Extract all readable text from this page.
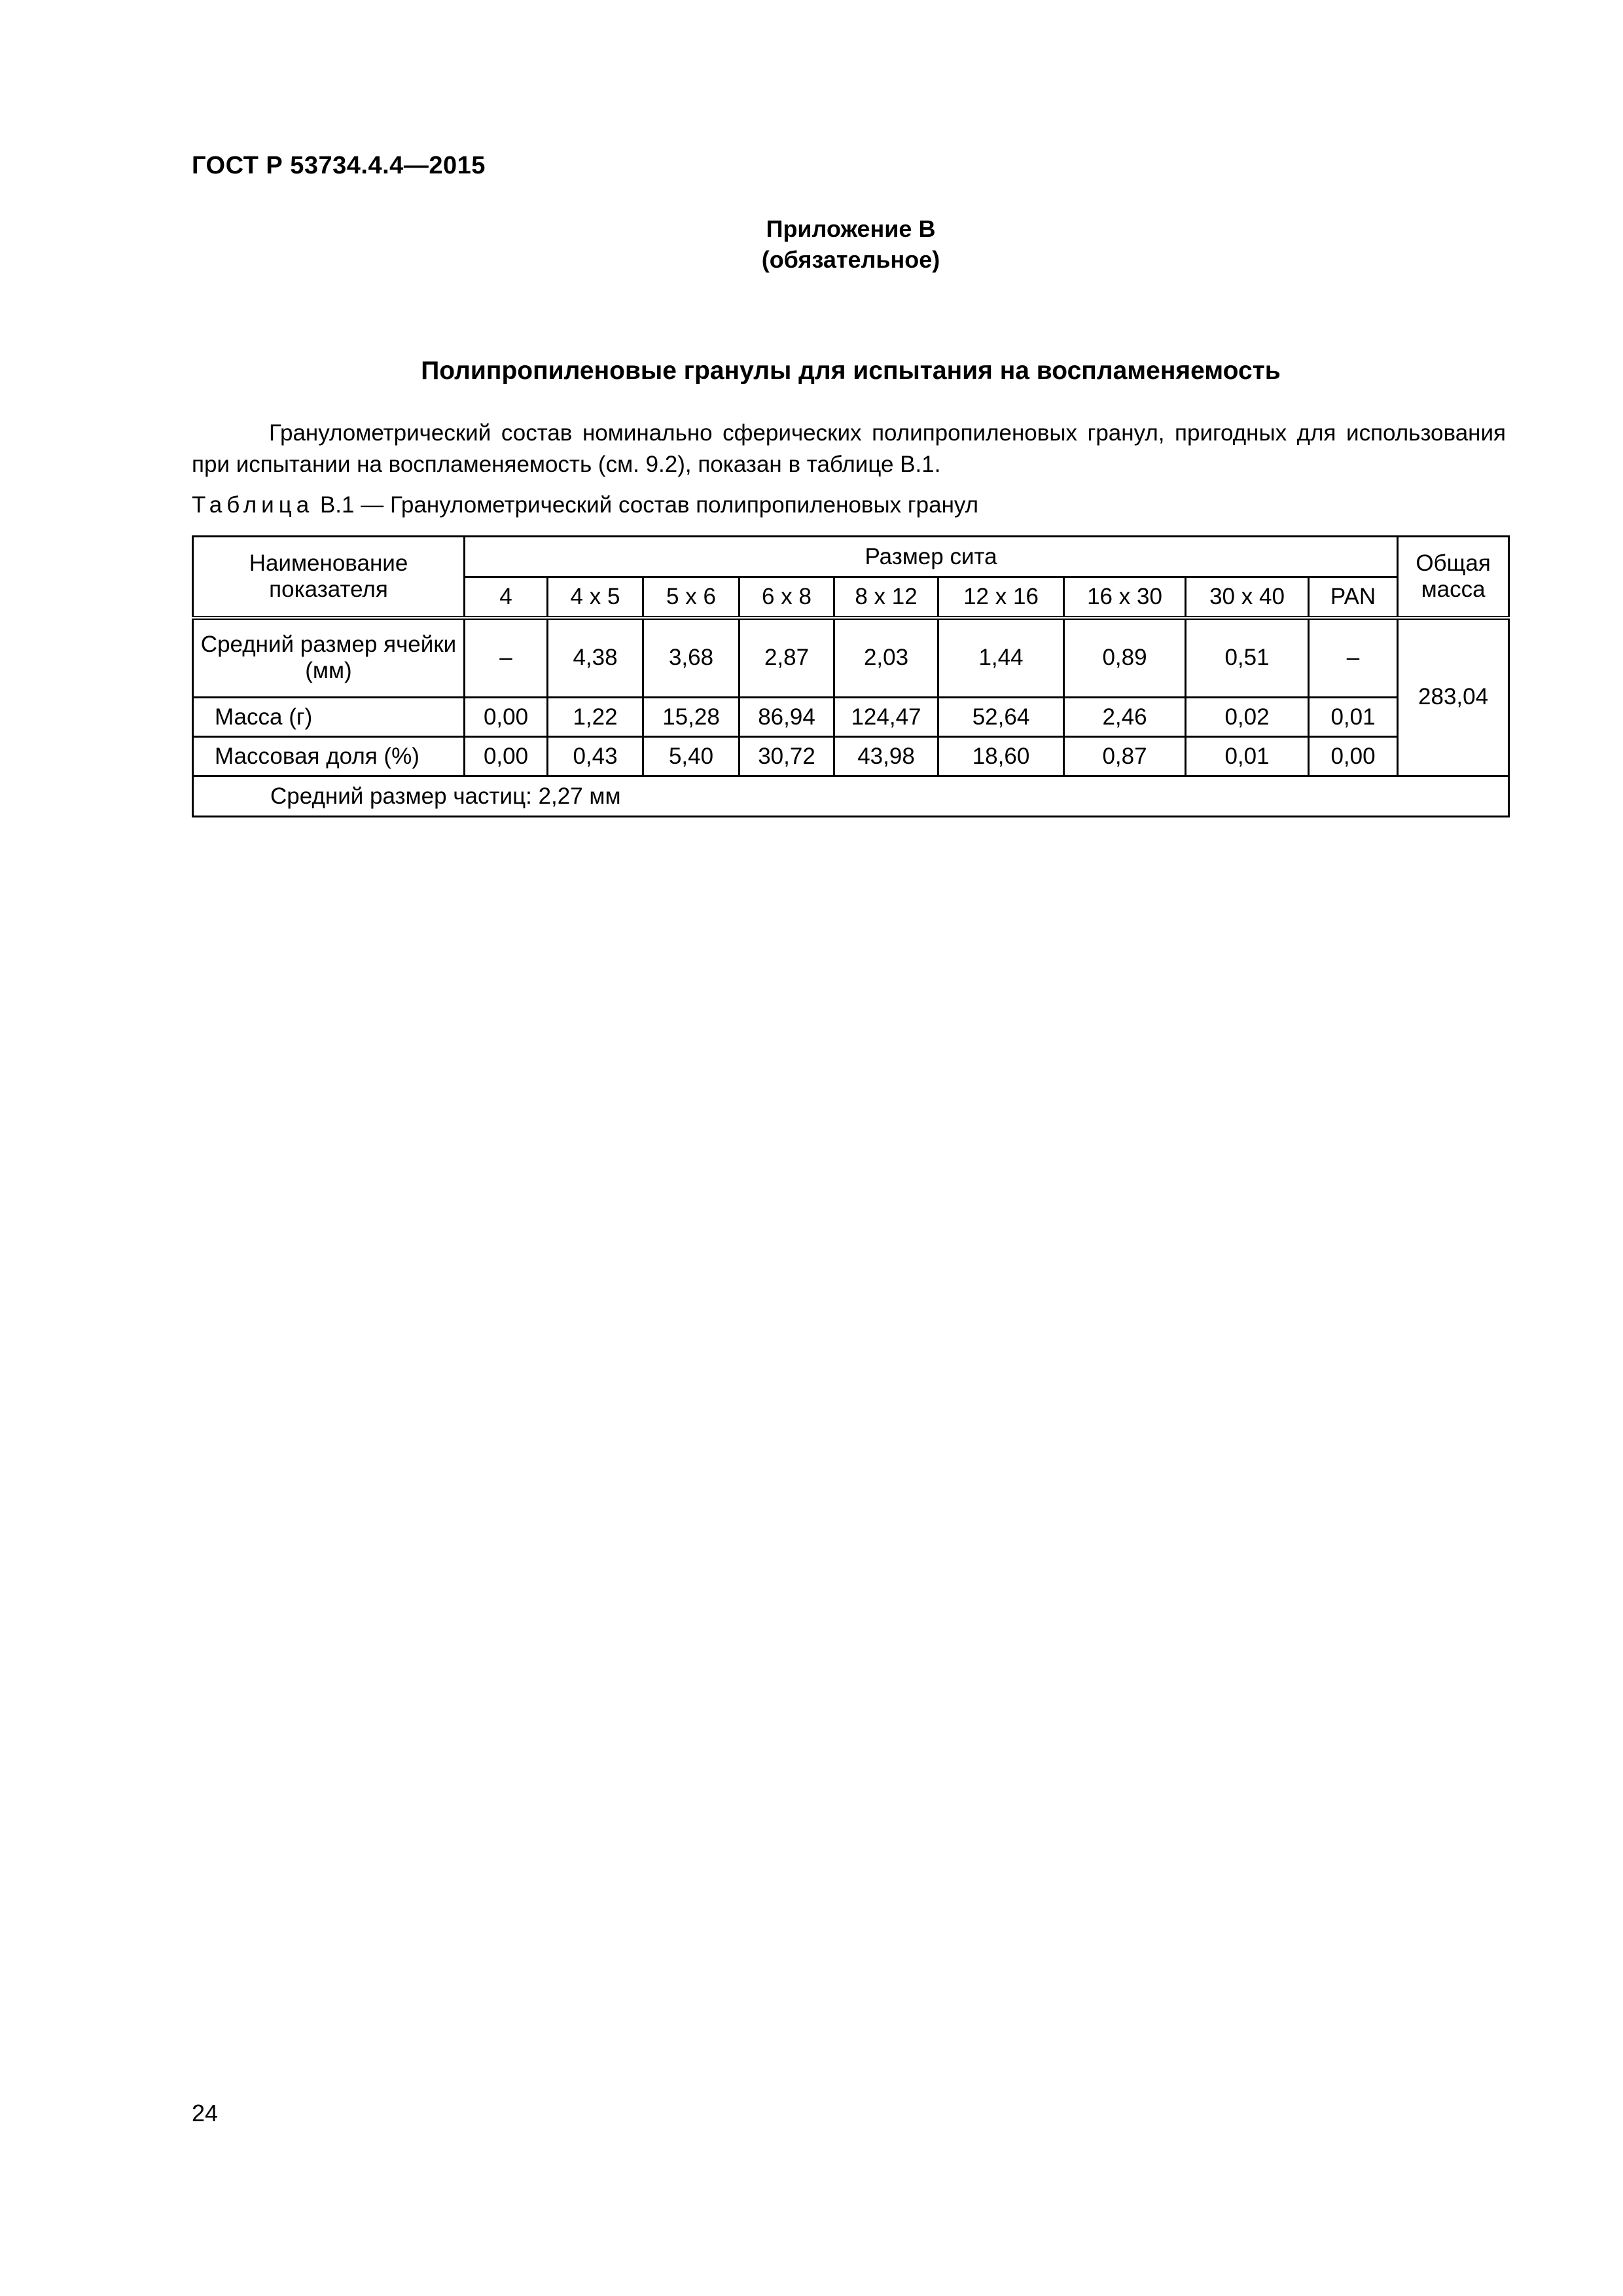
ГОСТ Р 53734.4.4—2015
Приложение В
(обязательное)
Полипропиленовые гранулы для испытания на воспламеняемость

Гранулометрический состав номинально сферических полипропиленовых гранул, пригодных для использования при испытании на воспламеняемость (см. 9.2), показан в таблице В.1.

Таблица В.1 — Гранулометрический состав полипропиленовых гранул
Наименование показателя	Размер сита									Общая масса
	4	4 х 5	5 х 6	6 х 8	8 х 12	12 х 16	16 х 30	30 х 40	PAN	
Средний размер ячейки (мм)	–	4,38	3,68	2,87	2,03	1,44	0,89	0,51	–	283,04
Масса (г)	0,00	1,22	15,28	86,94	124,47	52,64	2,46	0,02	0,01	
Массовая доля (%)	0,00	0,43	5,40	30,72	43,98	18,60	0,87	0,01	0,00	
Средний размер частиц: 2,27 мм										
24
